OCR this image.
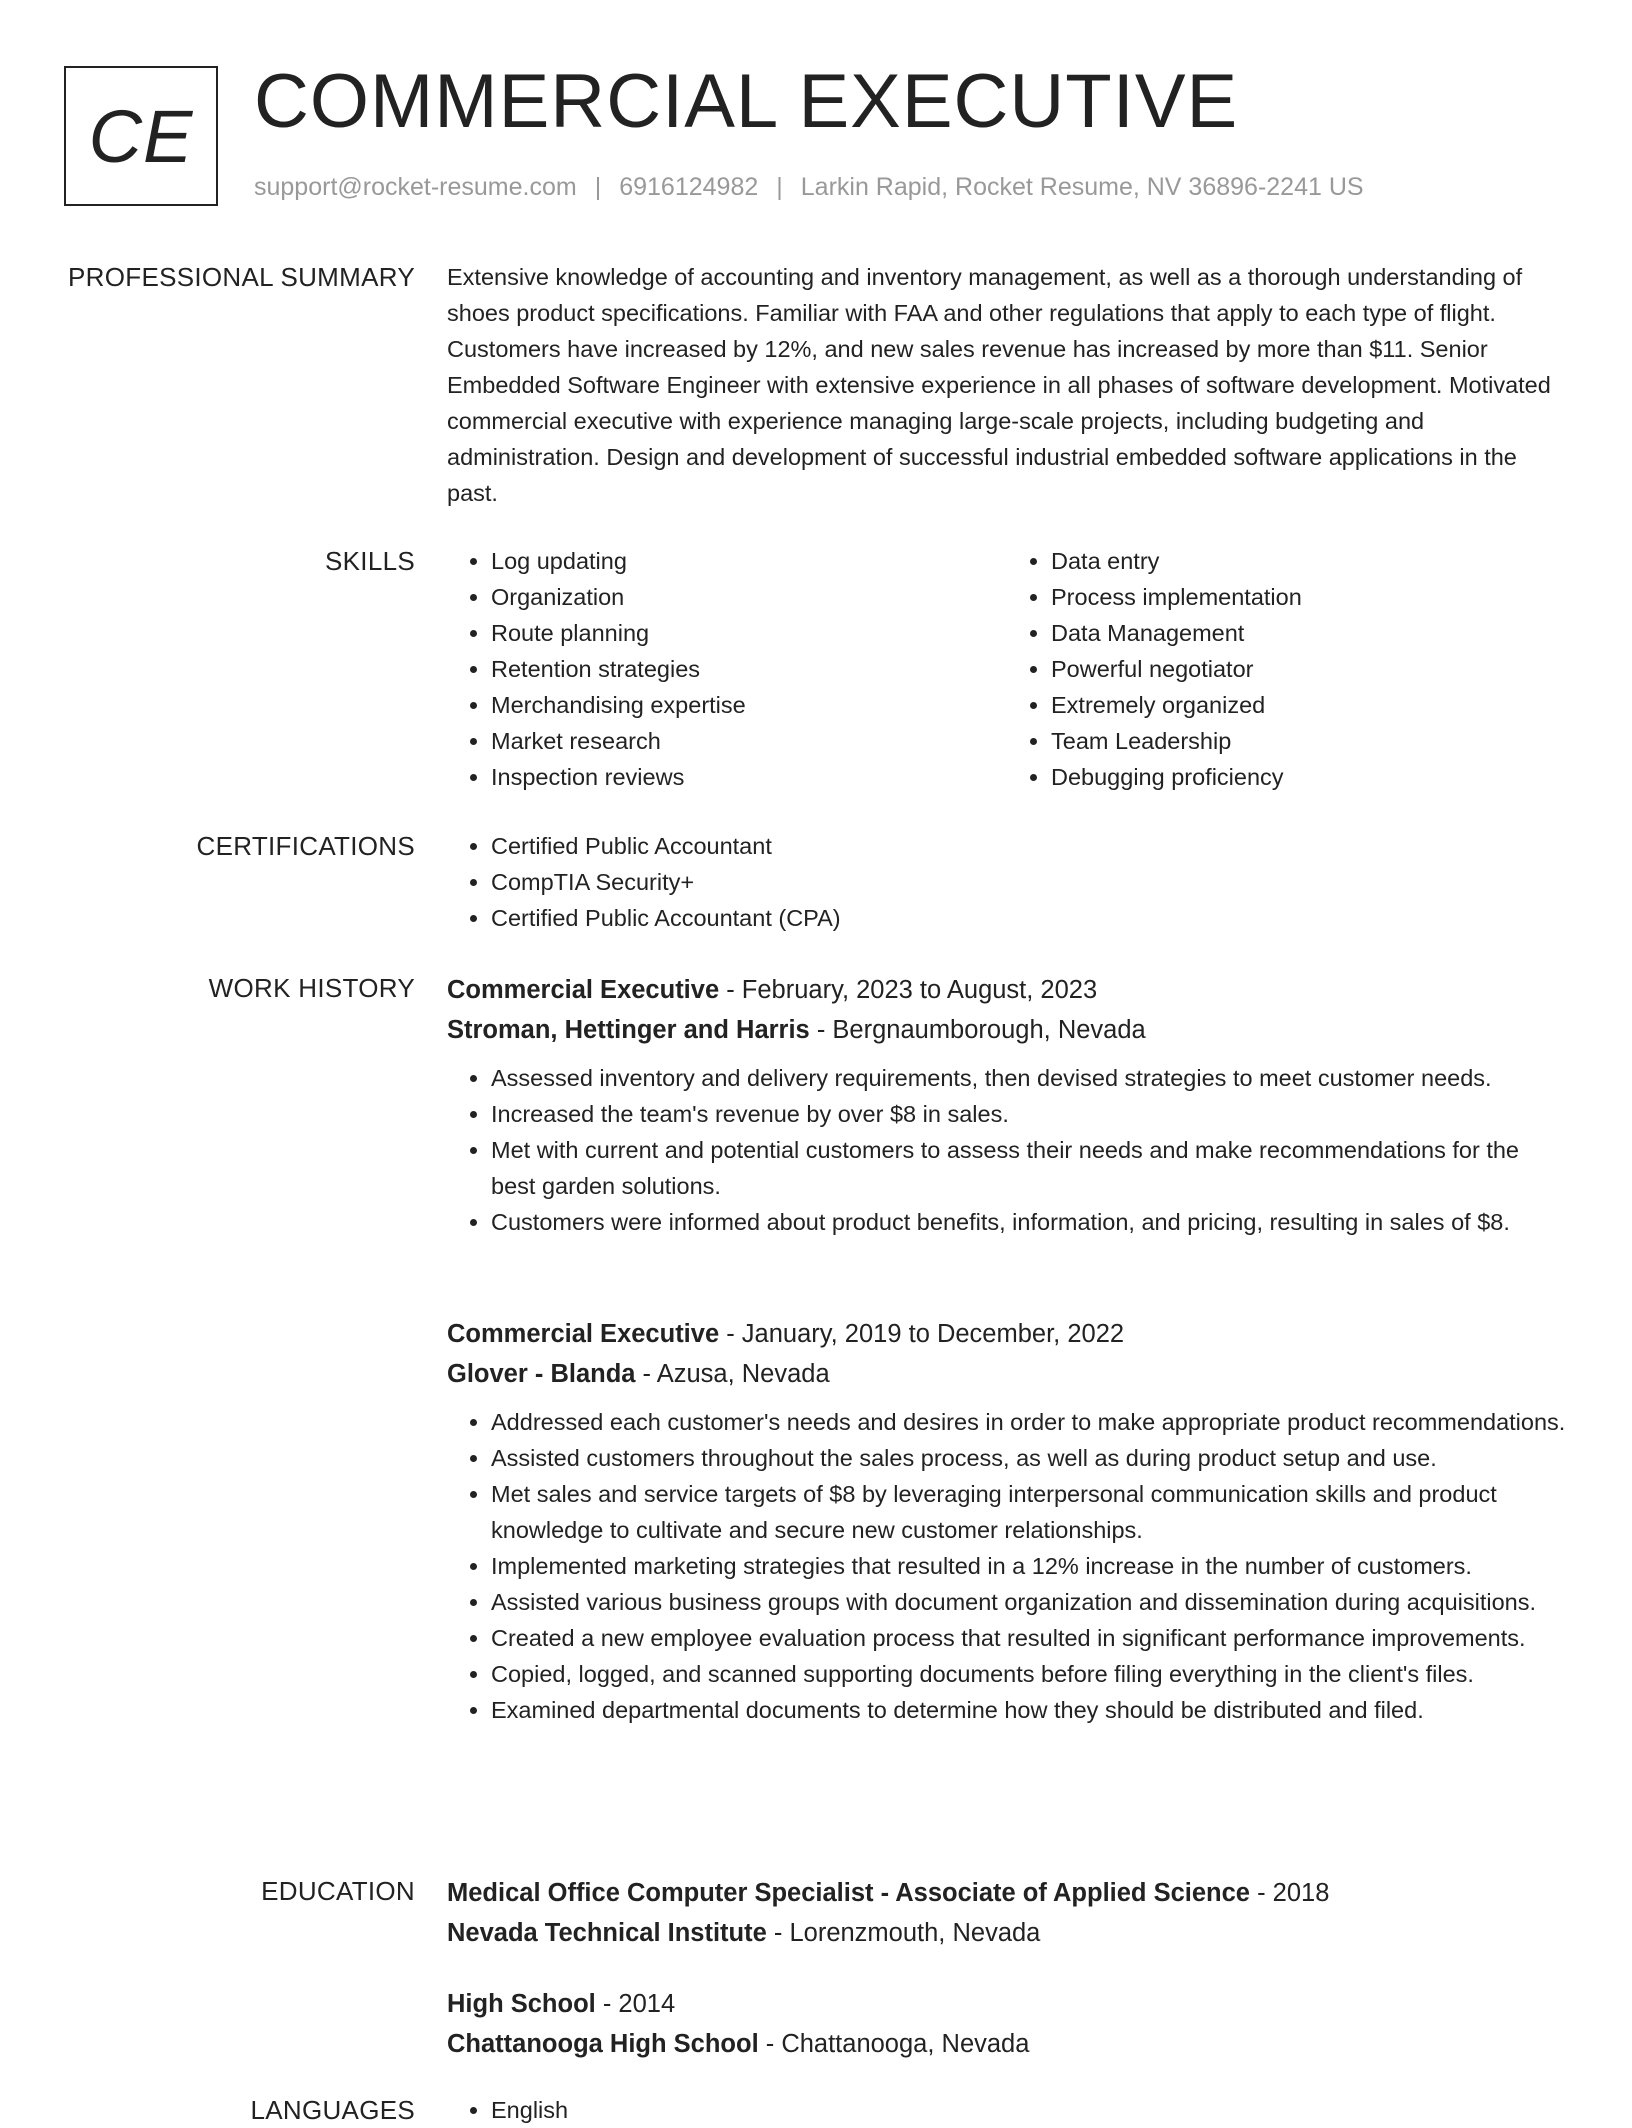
CE COMMERCIAL EXECUTIVE
support@rocket-resume.com | 6916124982 | Larkin Rapid, Rocket Resume, NV 36896-2241 US
PROFESSIONAL SUMMARY Extensive knowledge of accounting and inventory management, as well as a thorough understanding of shoes product specifications. Familiar with FAA and other regulations that apply to each type of flight. Customers have increased by 12%, and new sales revenue has increased by more than $11. Senior Embedded Software Engineer with extensive experience in all phases of software development. Motivated commercial executive with experience managing large-scale projects, including budgeting and administration. Design and development of successful industrial embedded software applications in the past.

SKILLS	• Log updating
• Organization
• Route planning
• Retention strategies
• Merchandising expertise
• Market research
• Inspection reviews
• Data entry
• Process implementation
• Data Management
• Powerful negotiator
• Extremely organized
• Team Leadership
• Debugging proficiency
CERTIFICATIONS	• Certified Public Accountant
• CompTIA Security+
• Certified Public Accountant (CPA)
WORK HISTORY Commercial Executive - February, 2023 to August, 2023
Stroman, Hettinger and Harris - Bergnaumborough, Nevada
• Assessed inventory and delivery requirements, then devised strategies to meet customer needs.
• Increased the team's revenue by over $8 in sales.
• Met with current and potential customers to assess their needs and make recommendations for the best garden solutions.
• Customers were informed about product benefits, information, and pricing, resulting in sales of $8.
Commercial Executive - January, 2019 to December, 2022
Glover - Blanda - Azusa, Nevada
• Addressed each customer's needs and desires in order to make appropriate product recommendations.
• Assisted customers throughout the sales process, as well as during product setup and use.
• Met sales and service targets of $8 by leveraging interpersonal communication skills and product knowledge to cultivate and secure new customer relationships.
• Implemented marketing strategies that resulted in a 12% increase in the number of customers.
• Assisted various business groups with document organization and dissemination during acquisitions.
• Created a new employee evaluation process that resulted in significant performance improvements.
• Copied, logged, and scanned supporting documents before filing everything in the client's files.
• Examined departmental documents to determine how they should be distributed and filed.
EDUCATION Medical Office Computer Specialist - Associate of Applied Science - 2018
Nevada Technical Institute - Lorenzmouth, Nevada
High School - 2014
Chattanooga High School - Chattanooga, Nevada
LANGUAGES	• English
